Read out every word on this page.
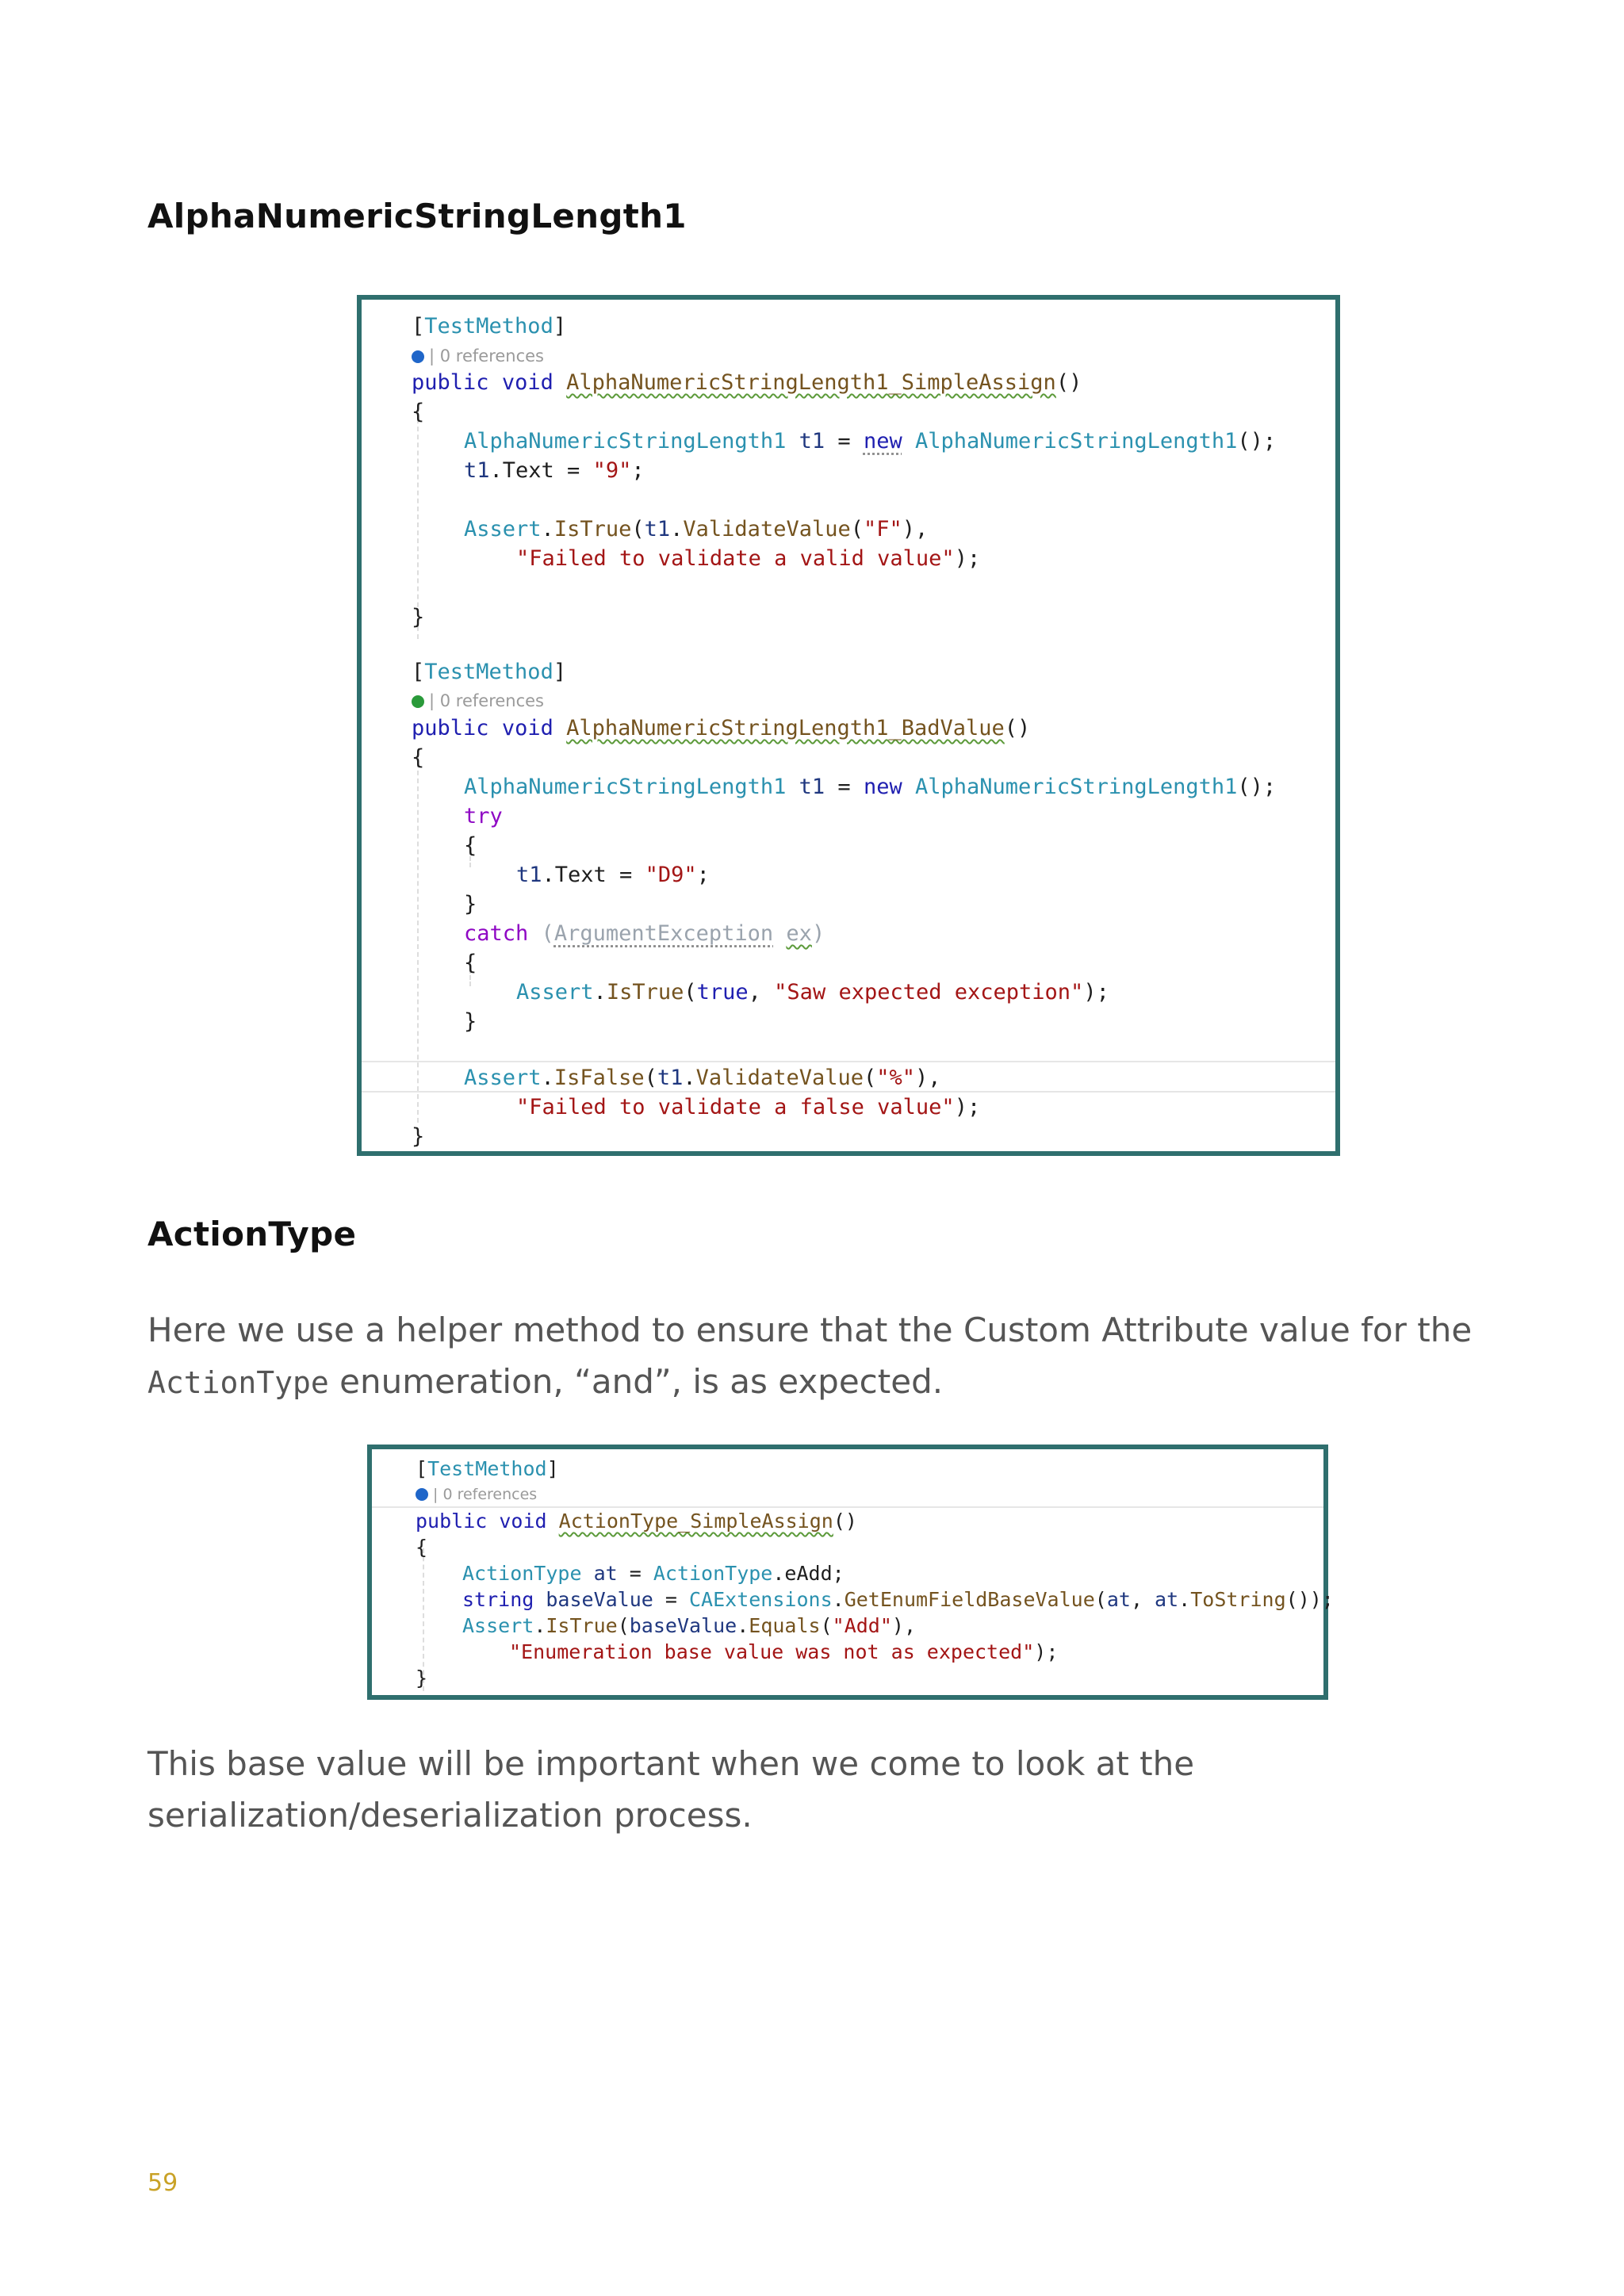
AlphaNumericStringLength1
[TestMethod]
| 0 references
public void AlphaNumericStringLength1_SimpleAssign()
{
AlphaNumericStringLength1 t1 = new AlphaNumericStringLength1();
t1.Text = "9";
Assert.IsTrue(t1.ValidateValue("F"),
"Failed to validate a valid value");
}
[TestMethod]
| 0 references
public void AlphaNumericStringLength1_BadValue()
{
AlphaNumericStringLength1 t1 = new AlphaNumericStringLength1();
try
{
t1.Text = "D9";
}
catch (ArgumentException ex)
{
Assert.IsTrue(true, "Saw expected exception");
}
Assert.IsFalse(t1.ValidateValue("%"),
"Failed to validate a false value");
}
ActionType

Here we use a helper method to ensure that the Custom Attribute value for the ActionType enumeration, “and”, is as expected.

[TestMethod]
| 0 references
public void ActionType_SimpleAssign()
{
ActionType at = ActionType.eAdd;
string baseValue = CAExtensions.GetEnumFieldBaseValue(at, at.ToString());
Assert.IsTrue(baseValue.Equals("Add"),
"Enumeration base value was not as expected");
}

This base value will be important when we come to look at the serialization/deserialization process.

59
